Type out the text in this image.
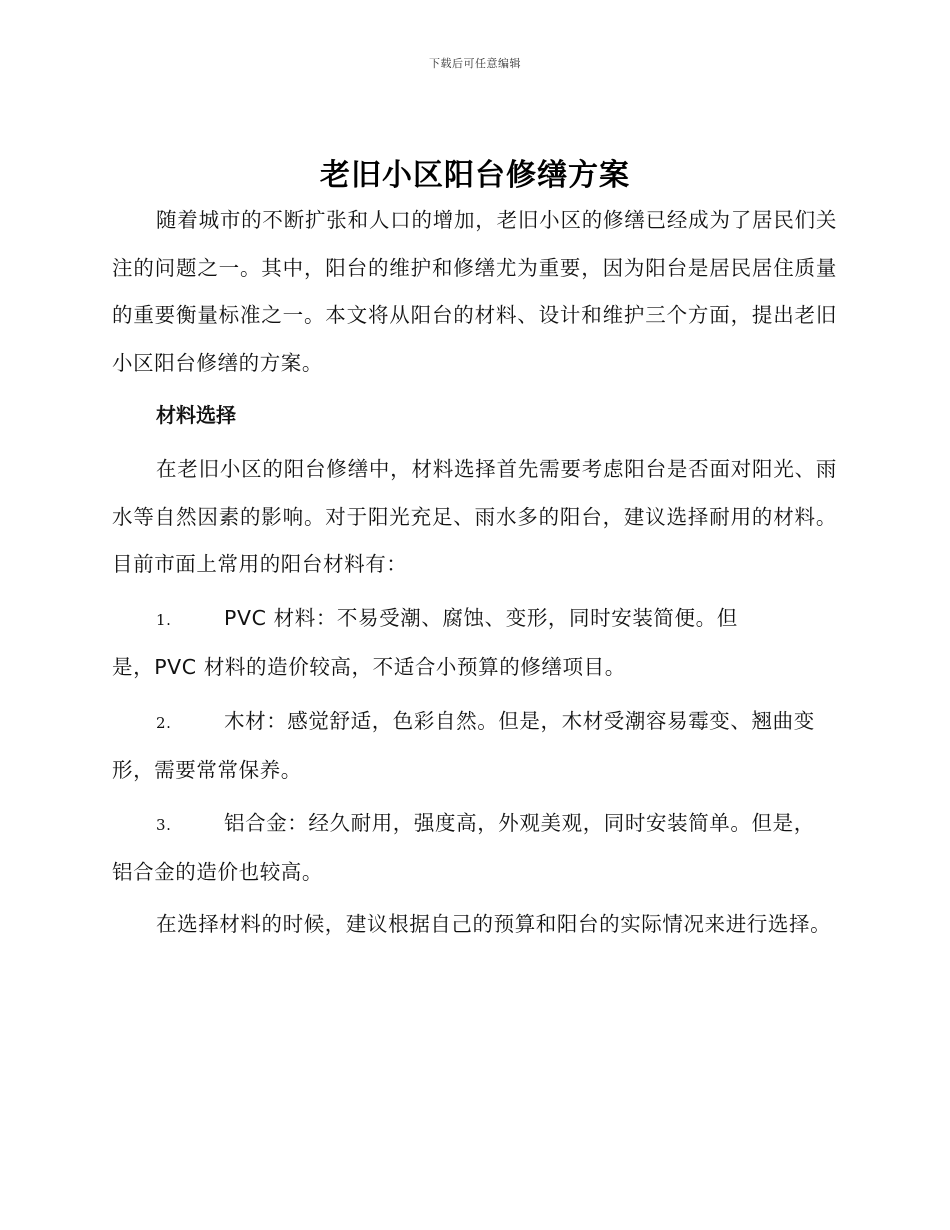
下载后可任意编辑
老旧小区阳台修缮方案

随着城市的不断扩张和人口的增加，老旧小区的修缮已经成为了居民们关注的问题之一。其中，阳台的维护和修缮尤为重要，因为阳台是居民居住质量的重要衡量标准之一。本文将从阳台的材料、设计和维护三个方面，提出老旧小区阳台修缮的方案。

材料选择

在老旧小区的阳台修缮中，材料选择首先需要考虑阳台是否面对阳光、雨水等自然因素的影响。对于阳光充足、雨水多的阳台，建议选择耐用的材料。目前市面上常用的阳台材料有：

1.	PVC 材料：不易受潮、腐蚀、变形，同时安装简便。但
是，PVC 材料的造价较高，不适合小预算的修缮项目。
2.	木材：感觉舒适，色彩自然。但是，木材受潮容易霉变、翘曲变
形，需要常常保养。
3.	铝合金：经久耐用，强度高，外观美观，同时安装简单。但是，
铝合金的造价也较高。

在选择材料的时候，建议根据自己的预算和阳台的实际情况来进行选择。
